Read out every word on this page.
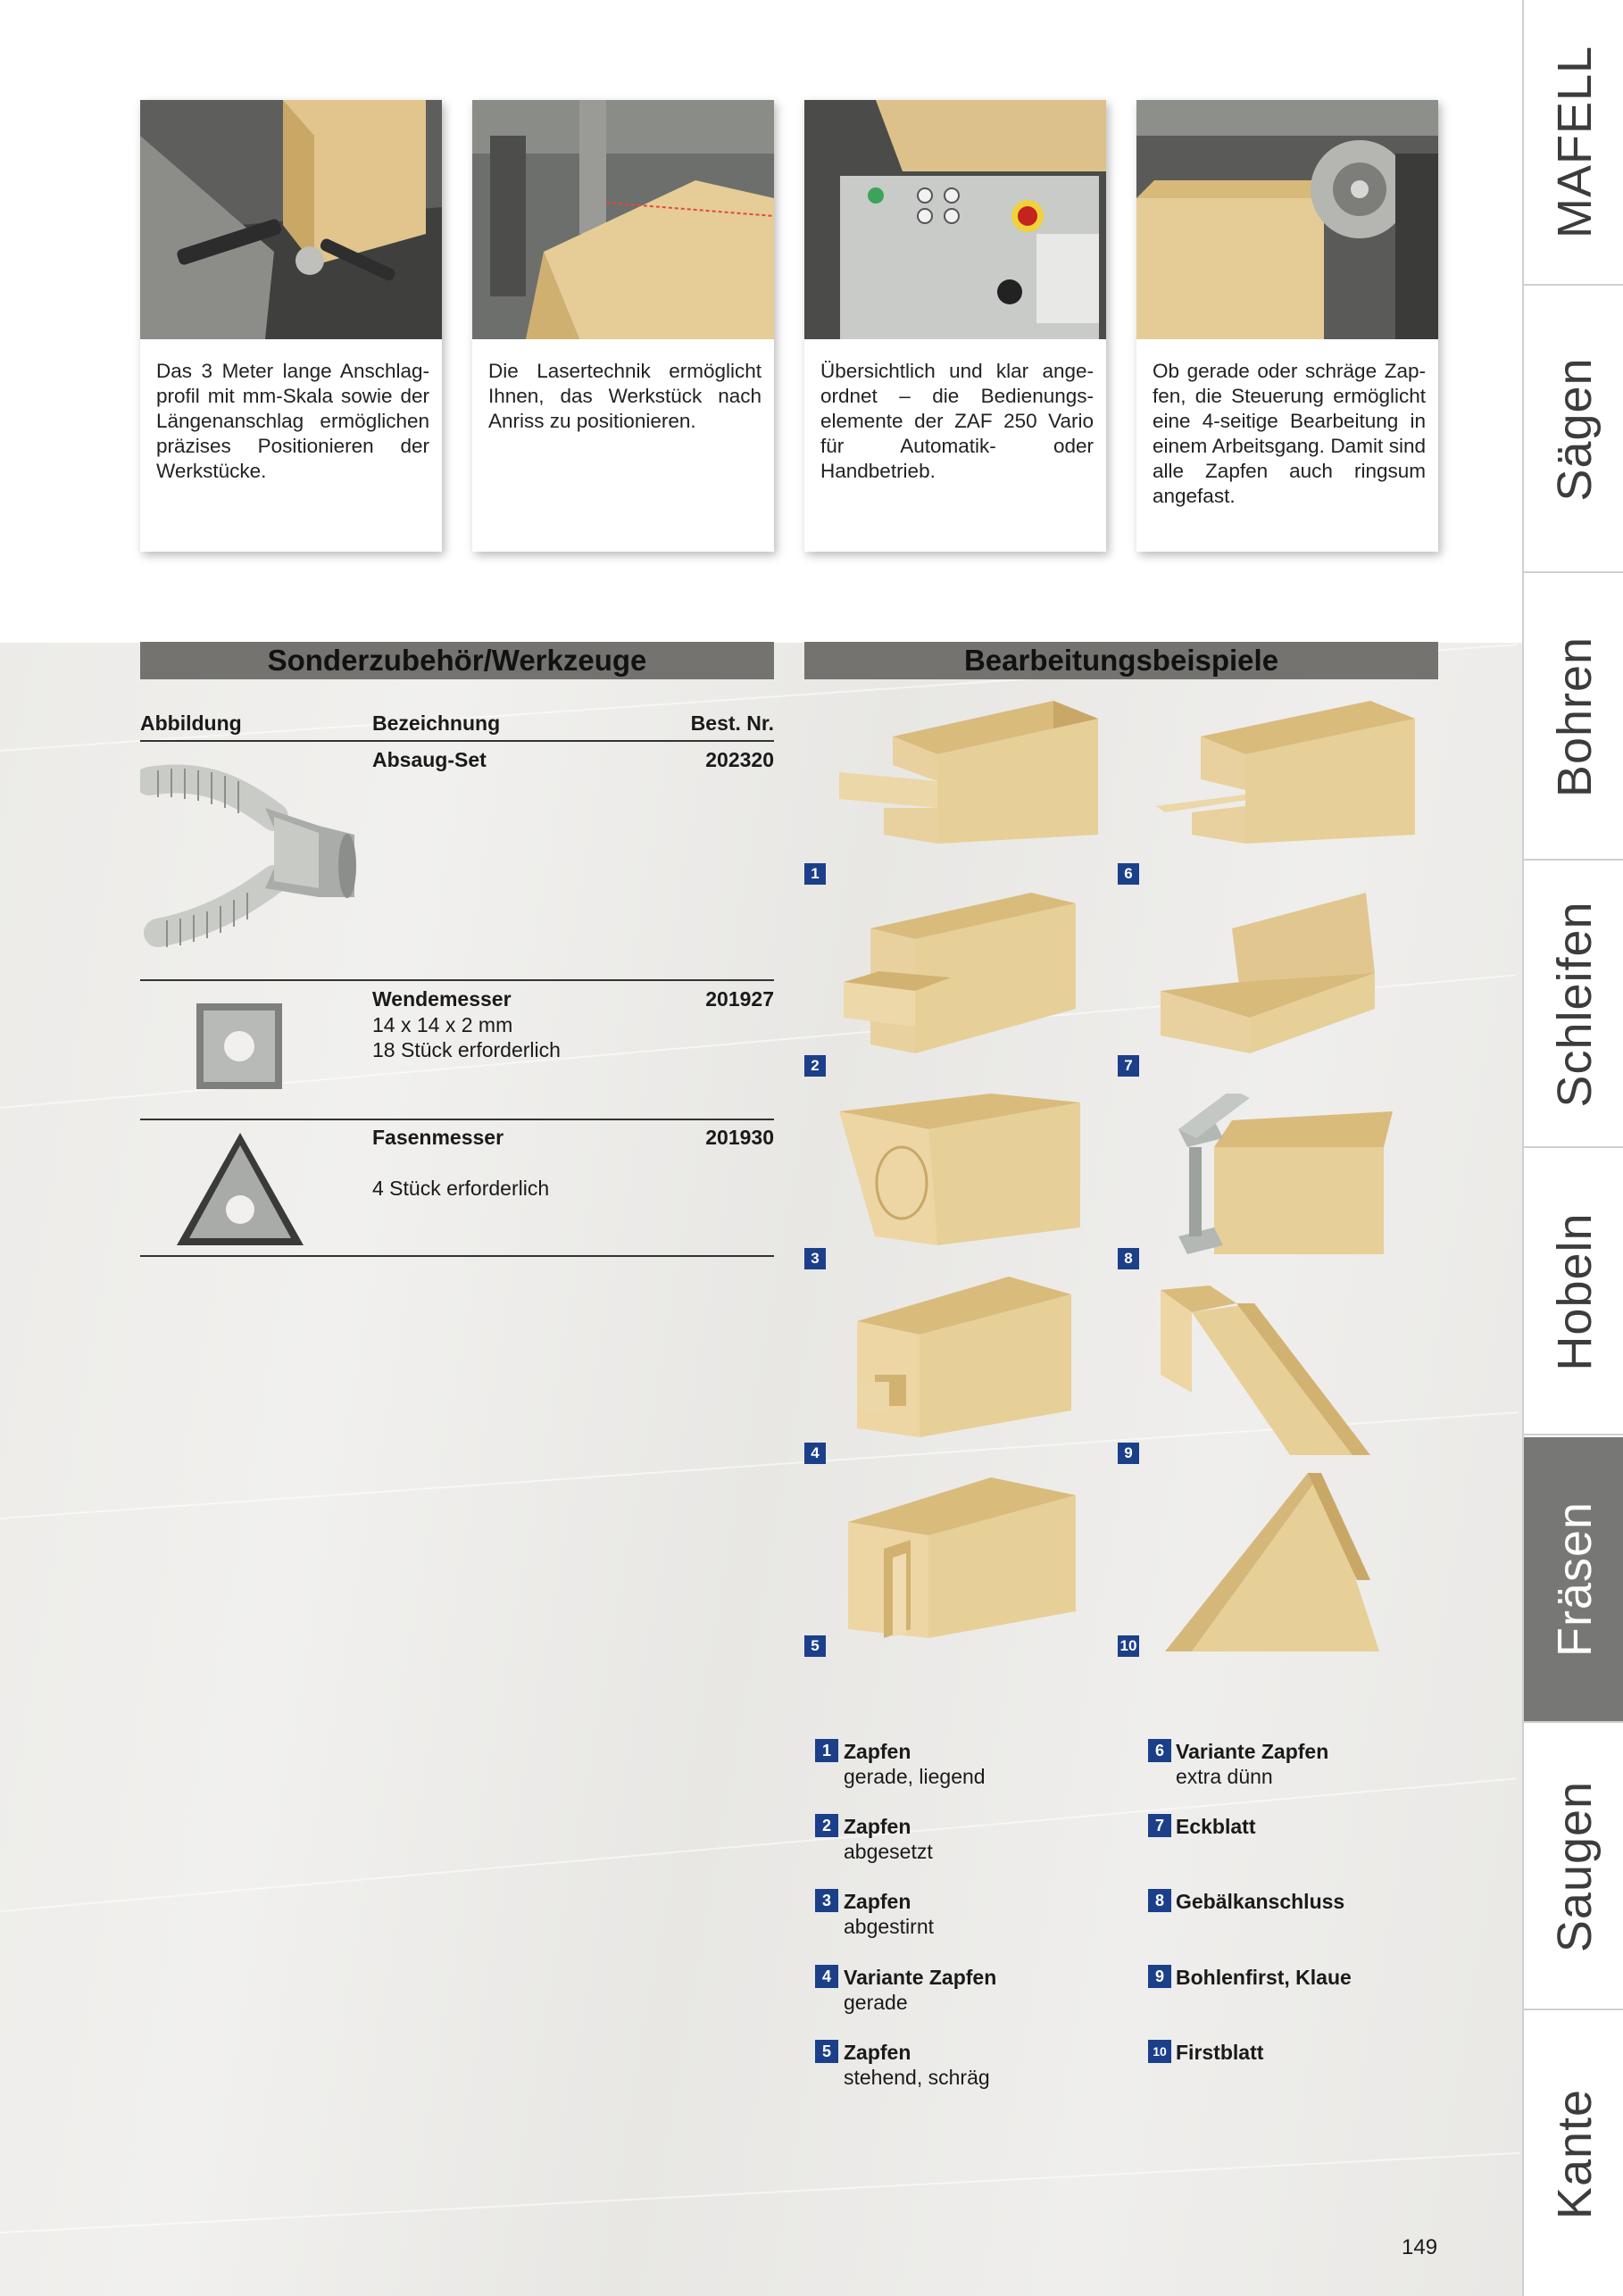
MAFELL
Sägen
Bohren
Schleifen
Hobeln
Fräsen
Saugen
Kante

Das 3 Meter lange Anschlag-profil mit mm-Skala sowie der Längenanschlag ermöglichen präzises Positionieren der Werkstücke.

Die Lasertechnik ermöglicht Ihnen, das Werkstück nach Anriss zu positionieren.

Übersichtlich und klar ange-ordnet – die Bedienungs-elemente der ZAF 250 Vario für Automatik- oder Handbetrieb.

Ob gerade oder schräge Zap-fen, die Steuerung ermöglicht eine 4-seitige Bearbeitung in einem Arbeitsgang. Damit sind alle Zapfen auch ringsum angefast.

Sonderzubehör/Werkzeuge	Bearbeitungsbeispiele
Abbildung	Bezeichnung	Best. Nr.
Absaug-Set	202320
Wendemesser	201927
14 x 14 x 2 mm
18 Stück erforderlich
Fasenmesser	201930
4 Stück erforderlich
1	6
2	7
3	8
4	9
5	10
1 Zapfen
gerade, liegend
2 Zapfen
abgesetzt
3 Zapfen
abgestirnt
4 Variante Zapfen
gerade
5 Zapfen
stehend, schräg
6 Variante Zapfen
extra dünn
7 Eckblatt
8 Gebälkanschluss
9 Bohlenfirst, Klaue
10 Firstblatt
149
